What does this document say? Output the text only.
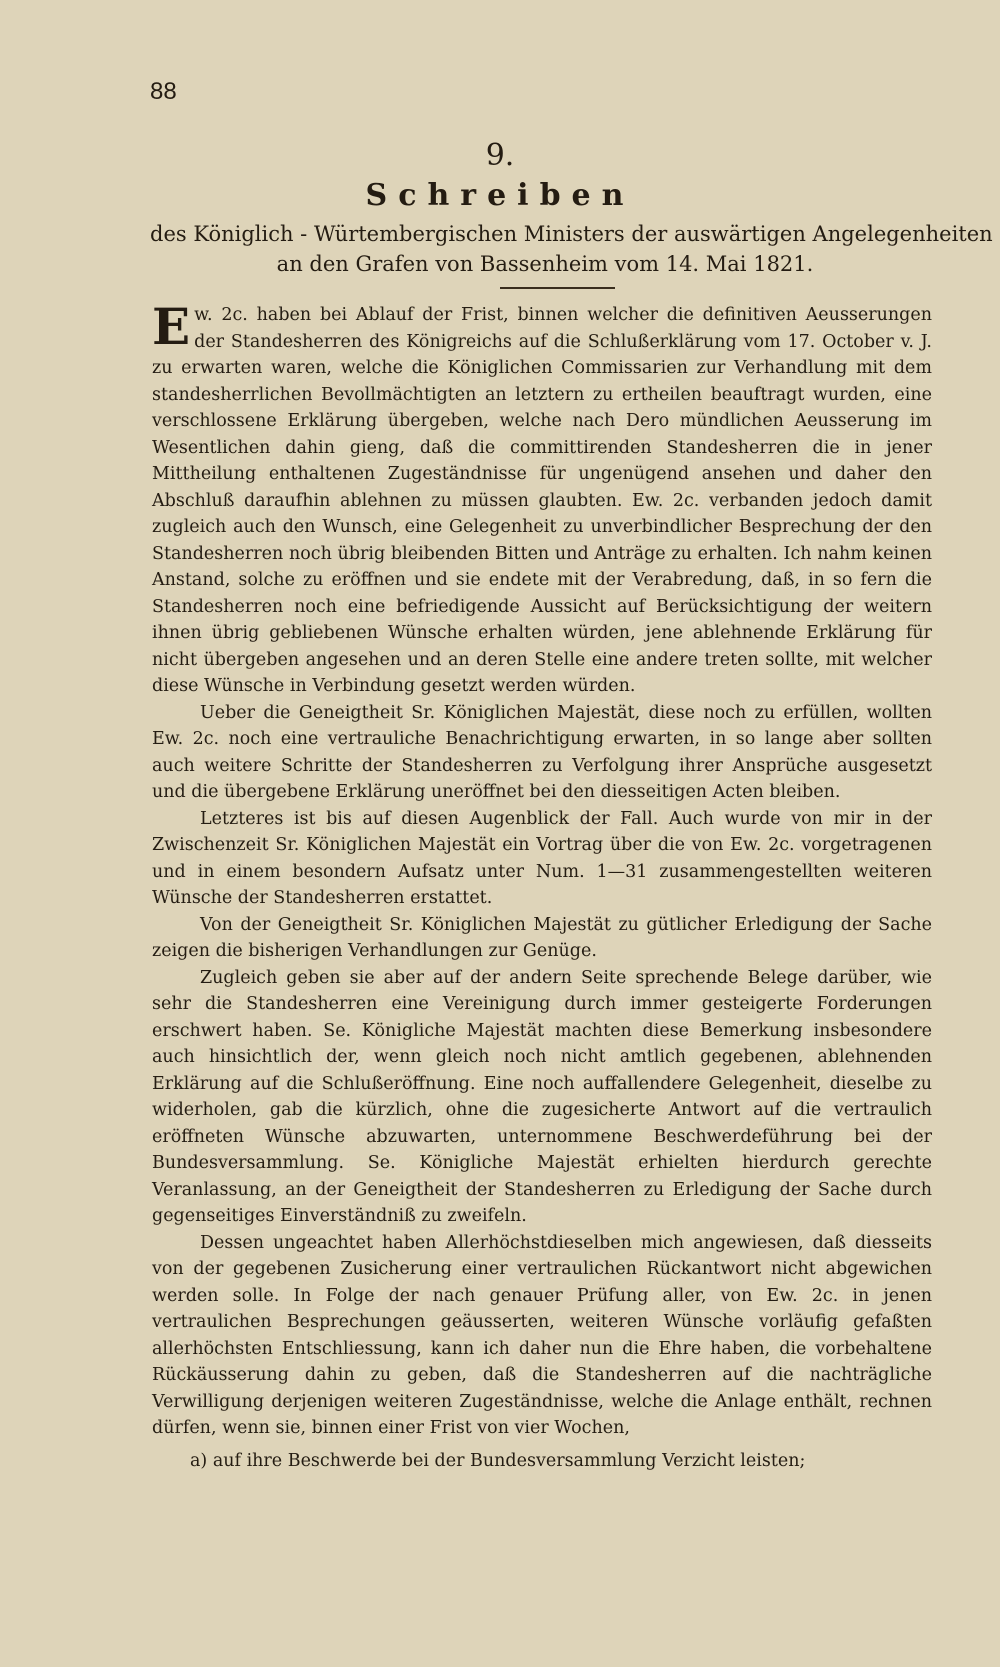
88
9.
Schreiben
des Königlich - Würtembergischen Ministers der auswärtigen Angelegenheiten
an den Grafen von Bassenheim vom 14. Mai 1821.

Ew. 2c. haben bei Ablauf der Frist, binnen welcher die definitiven Aeusserungen der Standesherren des Königreichs auf die Schlußerklärung vom 17. October v. J. zu erwarten waren, welche die Königlichen Commissarien zur Verhandlung mit dem standesherrlichen Bevollmächtigten an letztern zu ertheilen beauftragt wurden, eine verschlossene Erklärung übergeben, welche nach Dero mündlichen Aeusserung im Wesentlichen dahin gieng, daß die committirenden Standesherren die in jener Mittheilung enthaltenen Zugeständnisse für ungenügend ansehen und daher den Abschluß daraufhin ablehnen zu müssen glaubten. Ew. 2c. verbanden jedoch damit zugleich auch den Wunsch, eine Gelegenheit zu unverbindlicher Besprechung der den Standesherren noch übrig bleibenden Bitten und Anträge zu erhalten. Ich nahm keinen Anstand, solche zu eröffnen und sie endete mit der Verabredung, daß, in so fern die Standesherren noch eine befriedigende Aussicht auf Berücksichtigung der weitern ihnen übrig gebliebenen Wünsche erhalten würden, jene ablehnende Erklärung für nicht übergeben angesehen und an deren Stelle eine andere treten sollte, mit welcher diese Wünsche in Verbindung gesetzt werden würden.

Ueber die Geneigtheit Sr. Königlichen Majestät, diese noch zu erfüllen, wollten Ew. 2c. noch eine vertrauliche Benachrichtigung erwarten, in so lange aber sollten auch weitere Schritte der Standesherren zu Verfolgung ihrer Ansprüche ausgesetzt und die übergebene Erklärung uneröffnet bei den diesseitigen Acten bleiben.

Letzteres ist bis auf diesen Augenblick der Fall. Auch wurde von mir in der Zwischenzeit Sr. Königlichen Majestät ein Vortrag über die von Ew. 2c. vorgetragenen und in einem besondern Aufsatz unter Num. 1—31 zusammengestellten weiteren Wünsche der Standesherren erstattet.

Von der Geneigtheit Sr. Königlichen Majestät zu gütlicher Erledigung der Sache zeigen die bisherigen Verhandlungen zur Genüge.

Zugleich geben sie aber auf der andern Seite sprechende Belege darüber, wie sehr die Standesherren eine Vereinigung durch immer gesteigerte Forderungen erschwert haben. Se. Königliche Majestät machten diese Bemerkung insbesondere auch hinsichtlich der, wenn gleich noch nicht amtlich gegebenen, ablehnenden Erklärung auf die Schlußeröffnung. Eine noch auffallendere Gelegenheit, dieselbe zu widerholen, gab die kürzlich, ohne die zugesicherte Antwort auf die vertraulich eröffneten Wünsche abzuwarten, unternommene Beschwerdeführung bei der Bundesversammlung. Se. Königliche Majestät erhielten hierdurch gerechte Veranlassung, an der Geneigtheit der Standesherren zu Erledigung der Sache durch gegenseitiges Einverständniß zu zweifeln.

Dessen ungeachtet haben Allerhöchstdieselben mich angewiesen, daß diesseits von der gegebenen Zusicherung einer vertraulichen Rückantwort nicht abgewichen werden solle. In Folge der nach genauer Prüfung aller, von Ew. 2c. in jenen vertraulichen Besprechungen geäusserten, weiteren Wünsche vorläufig gefaßten allerhöchsten Entschliessung, kann ich daher nun die Ehre haben, die vorbehaltene Rückäusserung dahin zu geben, daß die Standesherren auf die nachträgliche Verwilligung derjenigen weiteren Zugeständnisse, welche die Anlage enthält, rechnen dürfen, wenn sie, binnen einer Frist von vier Wochen,

a) auf ihre Beschwerde bei der Bundesversammlung Verzicht leisten;
